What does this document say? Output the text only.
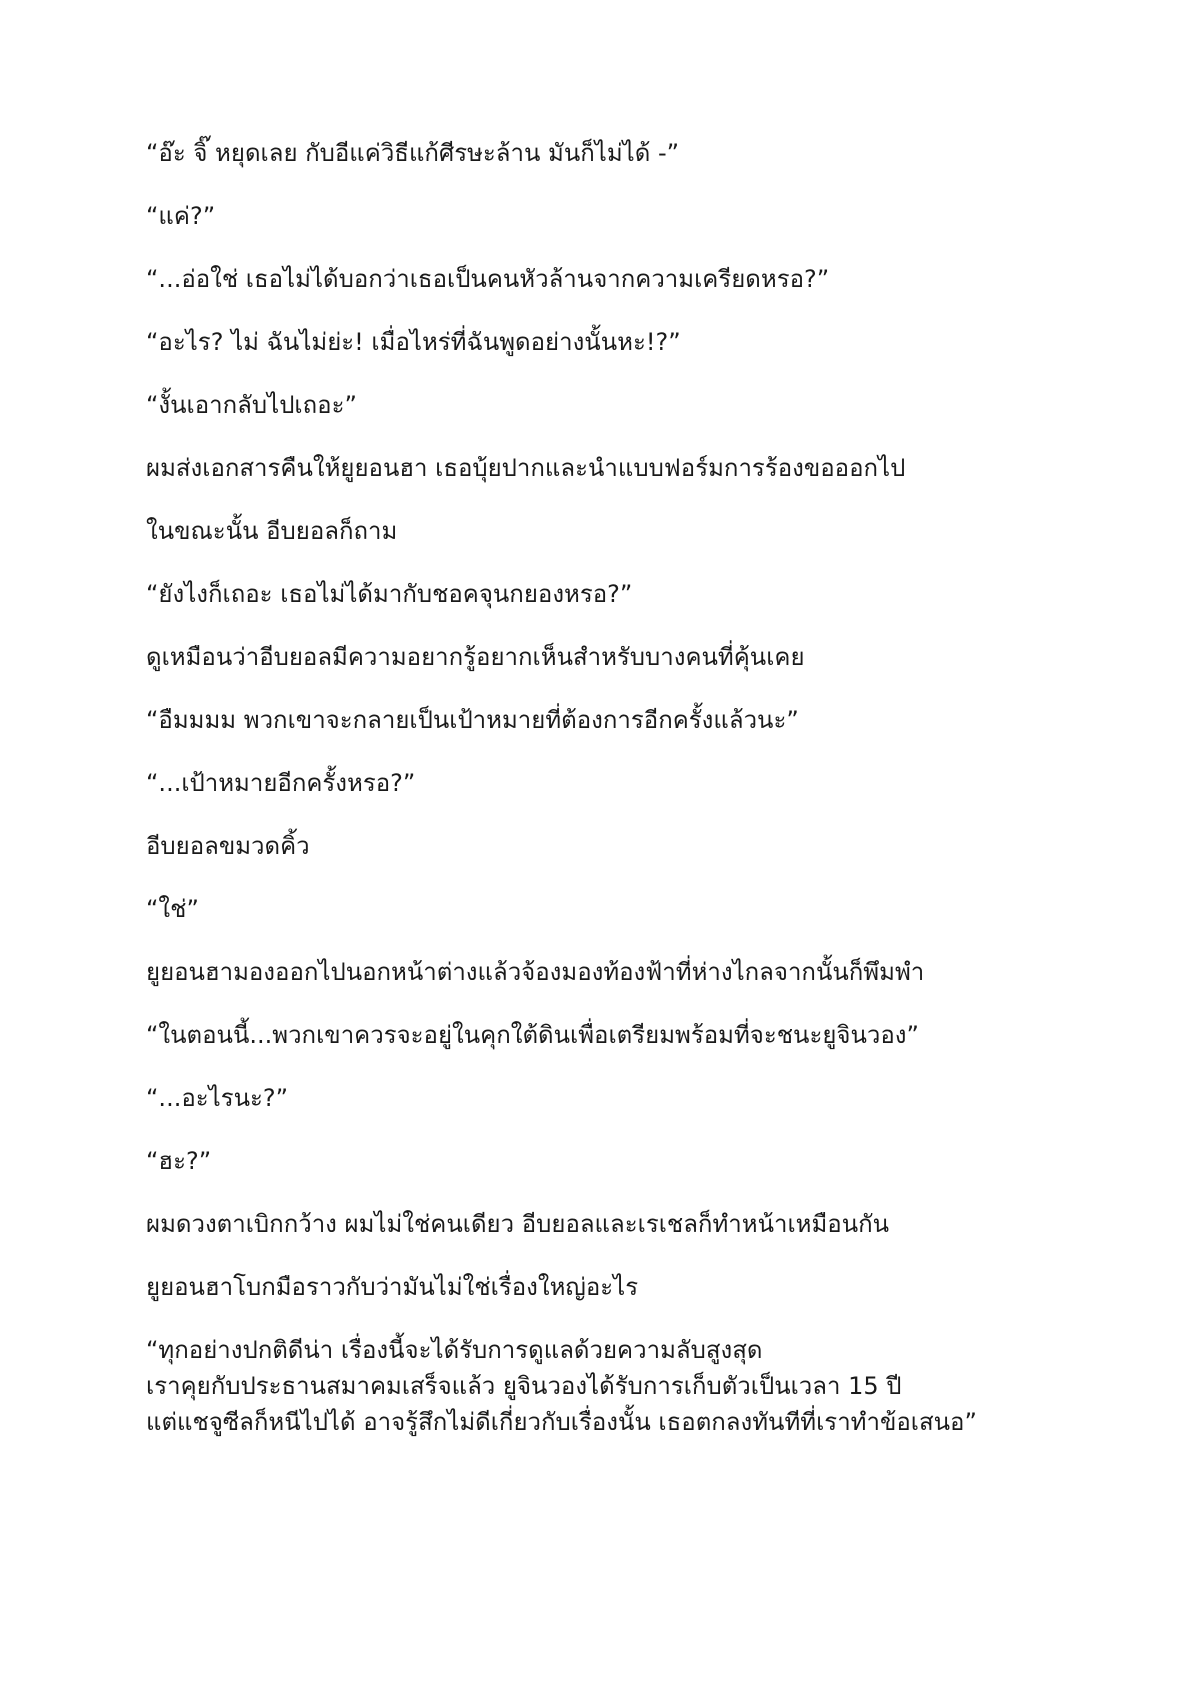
“อ๊ะ จิ๊ หยุดเลย กับอีแค่วิธีแก้ศีรษะล้าน มันก็ไม่ได้ -”
“แค่?”
“...อ่อใช่ เธอไม่ได้บอกว่าเธอเป็นคนหัวล้านจากความเครียดหรอ?”
“อะไร? ไม่ ฉันไม่ย่ะ! เมื่อไหร่ที่ฉันพูดอย่างนั้นหะ!?”
“งั้นเอากลับไปเถอะ”
ผมส่งเอกสารคืนให้ยูยอนฮา เธอบุ้ยปากและนำแบบฟอร์มการร้องขอออกไป
ในขณะนั้น อีบยอลก็ถาม
“ยังไงก็เถอะ เธอไม่ได้มากับชอคจุนกยองหรอ?”
ดูเหมือนว่าอีบยอลมีความอยากรู้อยากเห็นสำหรับบางคนที่คุ้นเคย
“อืมมมม พวกเขาจะกลายเป็นเป้าหมายที่ต้องการอีกครั้งแล้วนะ”
“...เป้าหมายอีกครั้งหรอ?”
อีบยอลขมวดคิ้ว
“ใช่”
ยูยอนฮามองออกไปนอกหน้าต่างแล้วจ้องมองท้องฟ้าที่ห่างไกลจากนั้นก็พึมพำ
“ในตอนนี้...พวกเขาควรจะอยู่ในคุกใต้ดินเพื่อเตรียมพร้อมที่จะชนะยูจินวอง”
“...อะไรนะ?”
“ฮะ?”
ผมดวงตาเบิกกว้าง ผมไม่ใช่คนเดียว อีบยอลและเรเชลก็ทำหน้าเหมือนกัน
ยูยอนฮาโบกมือราวกับว่ามันไม่ใช่เรื่องใหญ่อะไร
“ทุกอย่างปกติดีน่า เรื่องนี้จะได้รับการดูแลด้วยความลับสูงสุด
เราคุยกับประธานสมาคมเสร็จแล้ว ยูจินวองได้รับการเก็บตัวเป็นเวลา 15 ปี
แต่แชจูซีลก็หนีไปได้ อาจรู้สึกไม่ดีเกี่ยวกับเรื่องนั้น เธอตกลงทันทีที่เราทำข้อเสนอ”
